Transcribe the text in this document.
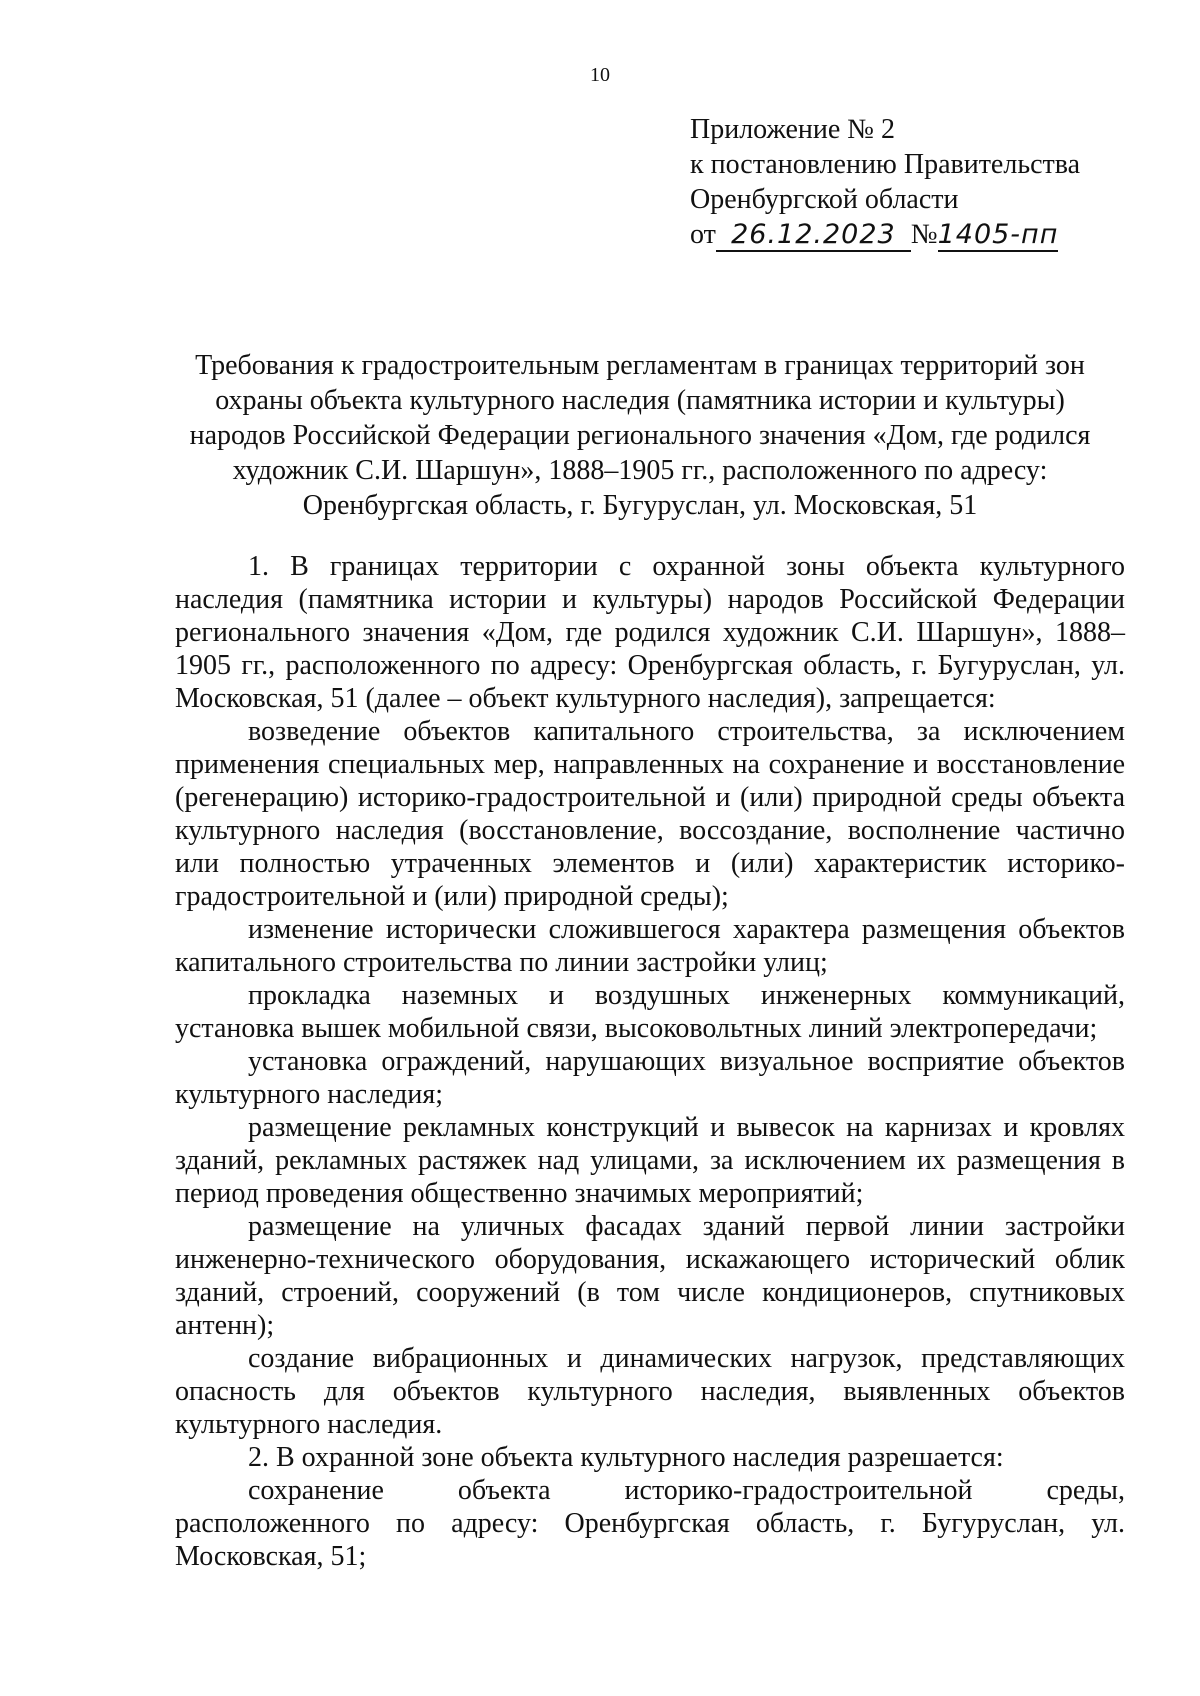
10
Приложение № 2
к постановлению Правительства
Оренбургской области
от 26.12.2023 №1405-пп
Требования к градостроительным регламентам в границах территорий зон охраны объекта культурного наследия (памятника истории и культуры) народов Российской Федерации регионального значения «Дом, где родился художник С.И. Шаршун», 1888–1905 гг., расположенного по адресу: Оренбургская область, г. Бугуруслан, ул. Московская, 51

1. В границах территории с охранной зоны объекта культурного наследия (памятника истории и культуры) народов Российской Федерации регионального значения «Дом, где родился художник С.И. Шаршун», 1888–1905 гг., расположенного по адресу: Оренбургская область, г. Бугуруслан, ул. Московская, 51 (далее – объект культурного наследия), запрещается:

возведение объектов капитального строительства, за исключением применения специальных мер, направленных на сохранение и восстановление (регенерацию) историко-градостроительной и (или) природной среды объекта культурного наследия (восстановление, воссоздание, восполнение частично или полностью утраченных элементов и (или) характеристик историко-градостроительной и (или) природной среды);

изменение исторически сложившегося характера размещения объектов капитального строительства по линии застройки улиц;

прокладка наземных и воздушных инженерных коммуникаций, установка вышек мобильной связи, высоковольтных линий электропередачи;

установка ограждений, нарушающих визуальное восприятие объектов культурного наследия;

размещение рекламных конструкций и вывесок на карнизах и кровлях зданий, рекламных растяжек над улицами, за исключением их размещения в период проведения общественно значимых мероприятий;

размещение на уличных фасадах зданий первой линии застройки инженерно-технического оборудования, искажающего исторический облик зданий, строений, сооружений (в том числе кондиционеров, спутниковых антенн);

создание вибрационных и динамических нагрузок, представляющих опасность для объектов культурного наследия, выявленных объектов культурного наследия.

2. В охранной зоне объекта культурного наследия разрешается:

сохранение объекта историко-градостроительной среды, расположенного по адресу: Оренбургская область, г. Бугуруслан, ул. Московская, 51;
